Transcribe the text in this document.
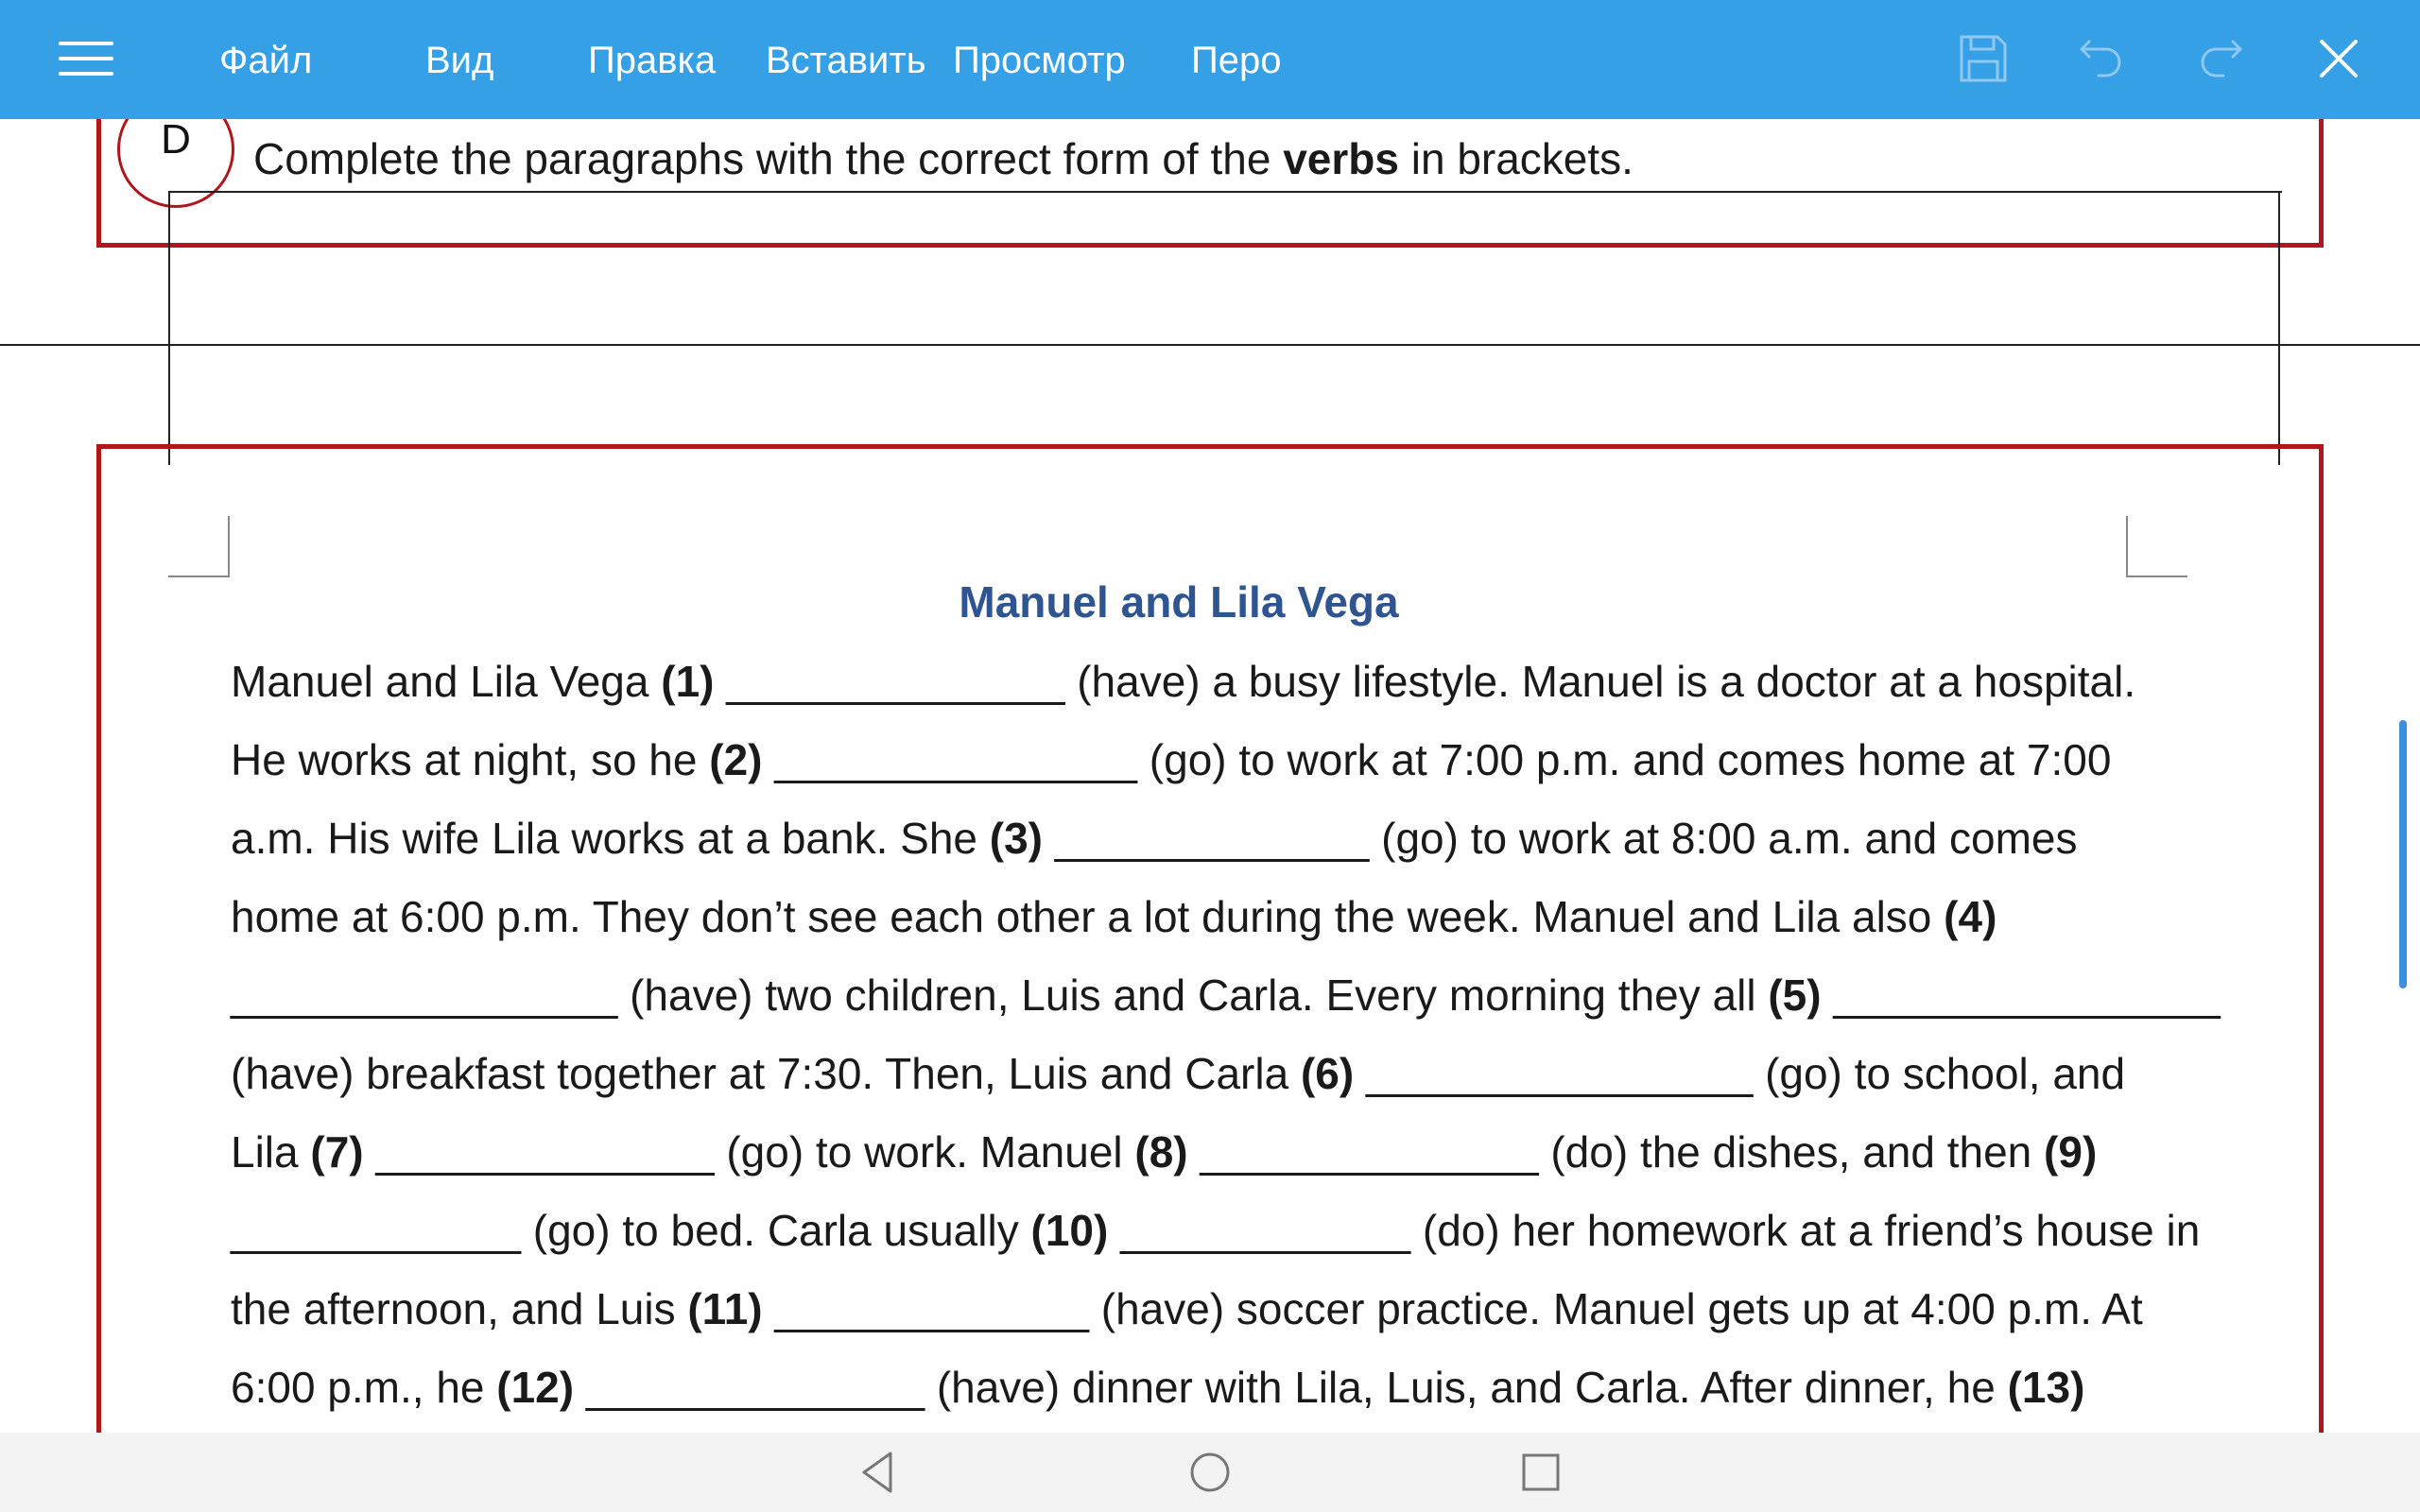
Файл	Вид Правка Вставить Просмотр Перо
D	Complete the paragraphs with the correct form of the verbs in brackets.
Manuel and Lila Vega
Manuel and Lila Vega (1) ______________ (have) a busy lifestyle. Manuel is a doctor at a hospital.
He works at night, so he (2) _______________ (go) to work at 7:00 p.m. and comes home at 7:00
a.m. His wife Lila works at a bank. She (3) _____________ (go) to work at 8:00 a.m. and comes
home at 6:00 p.m. They don’t see each other a lot during the week. Manuel and Lila also (4)
________________ (have) two children, Luis and Carla. Every morning they all (5) ________________
(have) breakfast together at 7:30. Then, Luis and Carla (6) ________________ (go) to school, and
Lila (7) ______________ (go) to work. Manuel (8) ______________ (do) the dishes, and then (9)
____________ (go) to bed. Carla usually (10) ____________ (do) her homework at a friend’s house in
the afternoon, and Luis (11) _____________ (have) soccer practice. Manuel gets up at 4:00 p.m. At
6:00 p.m., he (12) ______________ (have) dinner with Lila, Luis, and Carla. After dinner, he (13)
